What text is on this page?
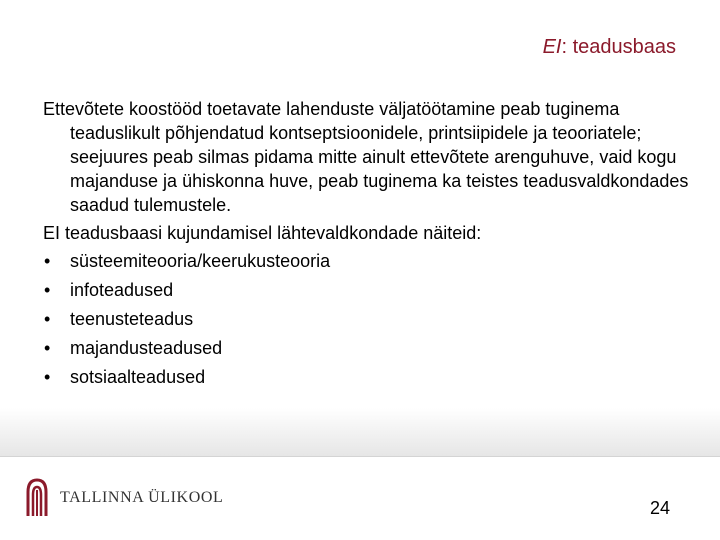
EI: teadusbaas

Ettevõtete koostööd toetavate lahenduste väljatöötamine peab tuginema teaduslikult põhjendatud kontseptsioonidele, printsiipidele ja teooriatele; seejuures peab silmas pidama mitte ainult ettevõtete arenguhuve, vaid kogu majanduse ja ühiskonna huve, peab tuginema ka teistes teadusvaldkondades saadud tulemustele.

EI teadusbaasi kujundamisel lähtevaldkondade näiteid:

• süsteemiteooria/keerukusteooria
• infoteadused
• teenusteteadus
• majandusteadused
• sotsiaalteadused
TALLINNA ÜLIKOOL
24
